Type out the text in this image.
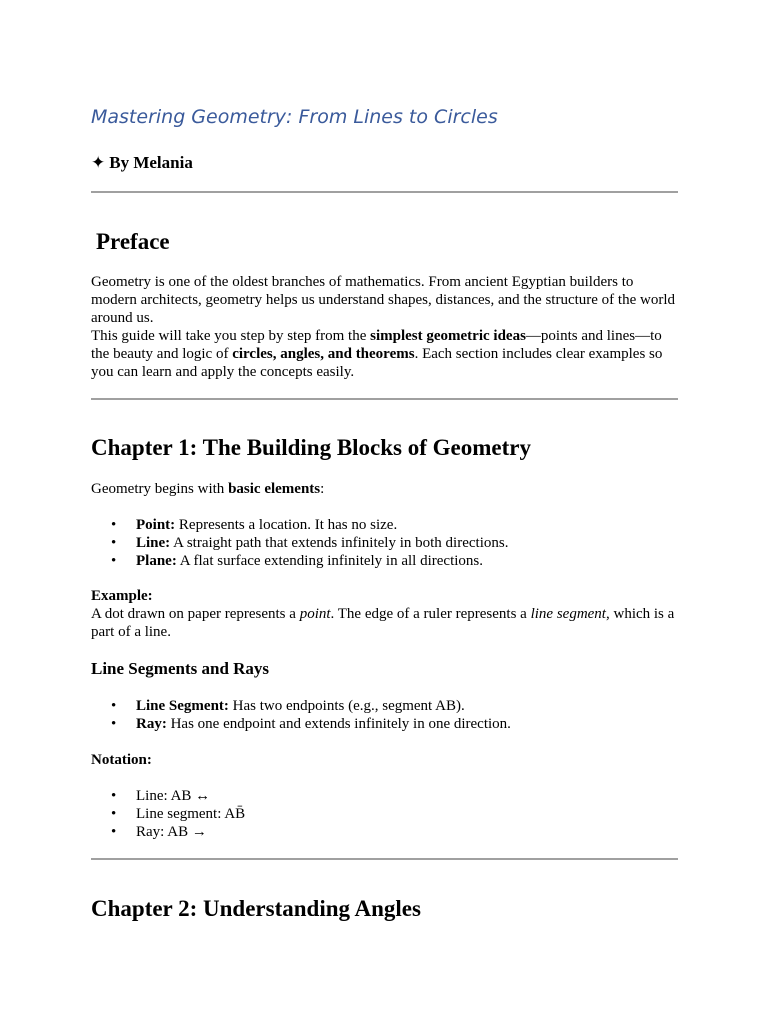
Mastering Geometry: From Lines to Circles
✦ By Melania
Preface
Geometry is one of the oldest branches of mathematics. From ancient Egyptian builders to modern architects, geometry helps us understand shapes, distances, and the structure of the world around us.
This guide will take you step by step from the simplest geometric ideas—points and lines—to the beauty and logic of circles, angles, and theorems. Each section includes clear examples so you can learn and apply the concepts easily.
Chapter 1: The Building Blocks of Geometry
Geometry begins with basic elements:
• Point: Represents a location. It has no size.
• Line: A straight path that extends infinitely in both directions.
• Plane: A flat surface extending infinitely in all directions.
Example:
A dot drawn on paper represents a point. The edge of a ruler represents a line segment, which is a part of a line.
Line Segments and Rays
• Line Segment: Has two endpoints (e.g., segment AB).
• Ray: Has one endpoint and extends infinitely in one direction.
Notation:
• Line: AB ↔
• Line segment: AB̄
• Ray: AB →
Chapter 2: Understanding Angles
